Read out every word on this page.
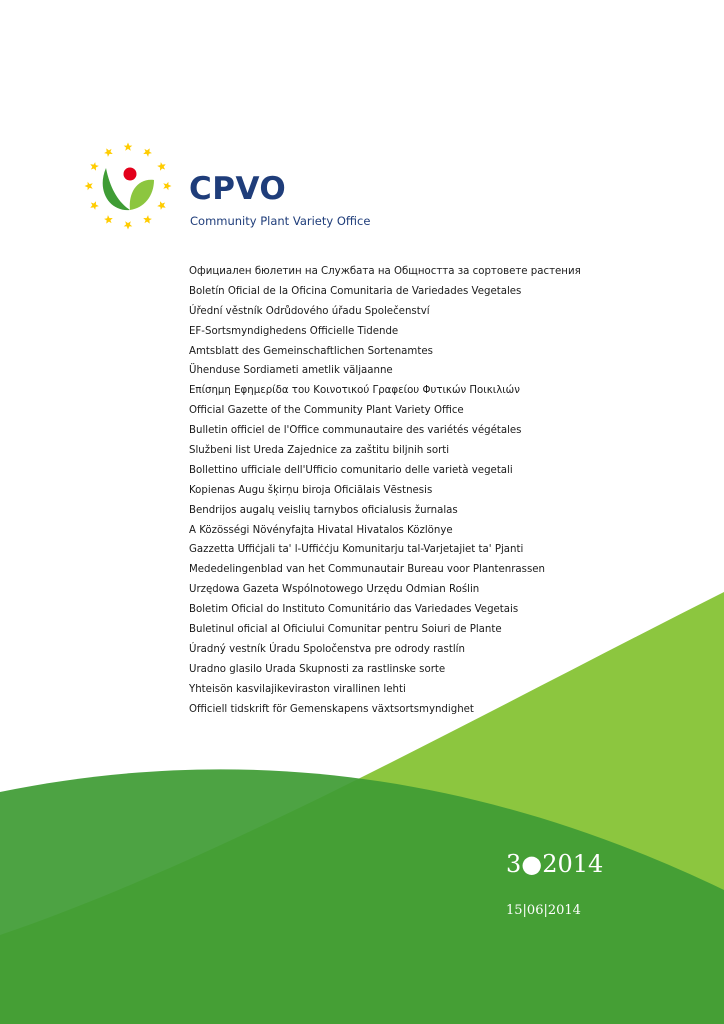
CPVO
Community Plant Variety Office
Официален бюлетин на Службата на Общността за сортовете растения
Boletín Oficial de la Oficina Comunitaria de Variedades Vegetales
Úřední věstník Odrůdového úřadu Společenství
EF-Sortsmyndighedens Officielle Tidende
Amtsblatt des Gemeinschaftlichen Sortenamtes
Ühenduse Sordiameti ametlik väljaanne
Επίσημη Εφημερίδα του Κοινοτικού Γραφείου Φυτικών Ποικιλιών
Official Gazette of the Community Plant Variety Office
Bulletin officiel de l'Office communautaire des variétés végétales
Službeni list Ureda Zajednice za zaštitu biljnih sorti
Bollettino ufficiale dell'Ufficio comunitario delle varietà vegetali
Kopienas Augu šķirņu biroja Oficiālais Vēstnesis
Bendrijos augalų veislių tarnybos oficialusis žurnalas
A Közösségi Növényfajta Hivatal Hivatalos Közlönye
Gazzetta Uffiċjali ta' l-Uffiċċju Komunitarju tal-Varjetajiet ta' Pjanti
Mededelingenblad van het Communautair Bureau voor Plantenrassen
Urzędowa Gazeta Wspólnotowego Urzędu Odmian Roślin
Boletim Oficial do Instituto Comunitário das Variedades Vegetais
Buletinul oficial al Oficiului Comunitar pentru Soiuri de Plante
Úradný vestník Úradu Spoločenstva pre odrody rastlín
Uradno glasilo Urada Skupnosti za rastlinske sorte
Yhteisön kasvilajikeviraston virallinen lehti
Officiell tidskrift för Gemenskapens växtsortsmyndighet
3●2014
15|06|2014
